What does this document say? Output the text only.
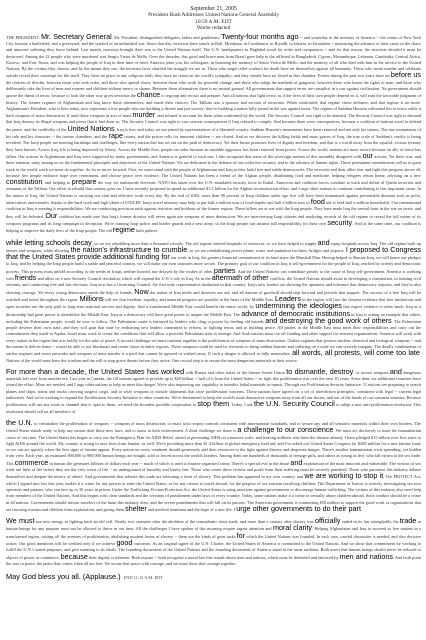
September 21, 2005
President Bush Addresses United Nations General Assembly
10:59 A.M. EDT
Words redacted

THE PRESIDENT: Mr. Secretary General, Mr. President, distinguished delegates, ladies and gentlemen: Twenty-four months ago -- and yesterday in the memory of America -- the center of New York City became a battlefield, and a graveyard, and the symbol of an unfinished war. Since that day, terrorists have struck in Bali, Mombasa, in Casablanca, in Riyadh, in Jakarta, in Jerusalem -- measuring the advance of their cause in the chaos and innocent suffering they leave behind. Last month, terrorists brought their war to the United Nations itself. The U.N. headquarters in Baghdad stood for order and compassion -- and for that reason, the terrorists decided it must be destroyed. Among the 22 people who were murdered was Sergio Vieira de Mello. Over the decades, this good and brave man from Brazil gave help to the afflicted in Bangladesh, Cyprus, Mozambique, Lebanon, Cambodia, Central Africa, Kosovo, and East Timor, and was helping the people of Iraq in their time of need. America joins you, his colleagues, in honoring the memory of Senor Vieira de Mello, and the memory of all who died with him in the service to the United Nations. By the victims they choose, and by the means they use, the terrorists have clarified the struggle we are in. Those who target relief workers for death have set themselves against all humanity. Those who incite murder and celebrate suicide reveal their contempt for life itself. They have no place in any religious faith; they have no claim on the world's sympathy; and they should have no friend in this chamber. Events during the past two years have set before us the clearest of divides: between those who seek order, and those who spread chaos; between those who work for peaceful change, and those who adopt the methods of gangsters; between those who honor the rights of man, and those who deliberately take the lives of men and women and children without mercy or shame. Between these alternatives there is no neutral ground. All governments that support terror are complicit in a war against civilization. No government should ignore the threat of terror, because to look the other way gives terrorists the chance to regroup and recruit and prepare. And all nations that fight terror, as if the lives of their own people depend on it, will earn the favorable judgment of history. The former regimes of Afghanistan and Iraq knew these alternatives, and made their choices. The Taliban was a sponsor and servant of terrorism. When confronted, that regime chose defiance, and that regime is no more. Afghanistan's President, who is here today, now represents a free people who are building a decent and just society; they're building a nation fully joined in the war against terror. The regime of Saddam Hussein cultivated ties to terror while it built weapons of mass destruction. It used those weapons in acts of mass murder, and refused to account for them when confronted by the world. The Security Council was right to be alarmed. The Security Council was right to demand that Iraq destroy its illegal weapons and prove that it had done so. The Security Council was right to vow serious consequences if Iraq refused to comply. And because there were consequences, because a coalition of nations acted to defend the peace, and the credibility of the United Nations, Iraq is free, and today we are joined by representatives of a liberated country. Saddam Hussein's monuments have been removed and not only his statues. The true monuments of his rule and his character -- the torture chambers, and the rape rooms, and the prison cells for innocent children -- are closed. And as we discover the killing fields and mass graves of Iraq, the true scale of Saddam's cruelty is being revealed. The Iraqi people are meeting hardships and challenges, like every nation that has set out on the path of democracy. Yet their future promises lives of dignity and freedom, and that is a world away from the squalid, vicious tyranny they have known. Across Iraq, life is being improved by liberty. Across the Middle East, people are safer because an unstable aggressor has been removed from power. Across the world, nations are more secure because an ally of terror has fallen. Our actions in Afghanistan and Iraq were supported by many governments, and America is grateful to each one. I also recognize that some of the sovereign nations of this assembly disagreed with our actions. Yet there was, and there remains, unity among us on the fundamental principles and objectives of the United Nations. We are dedicated to the defense of our collective security, and to the advance of human rights. These permanent commitments call us to great work in the world, work we must do together. So let us move forward. First, we must stand with the people of Afghanistan and Iraq as they build free and stable democracies. The terrorists and their allies fear and fight this progress above all, because free people embrace hope over resentment, and choose peace over violence. The United Nations has been a friend of the Afghan people, distributing food and medicine, helping refugees return home, advising on a new constitution, and helping to prepare the way for nationwide elections. NATO has taken over the U.N.-mandated security force in Kabul. American and coalition forces continue to track and defeat al Qaeda terrorists and remnants of the Taliban. Our effort to rebuild that country goes on. I have recently proposed to spend an additional $1.2 billion for the Afghan reconstruction effort, and I urge other nations to continue contributing to this important cause. In the nation of Iraq, the United Nations is carrying out vital and effective work every day. By the end of 2004, more than 90 percent of Iraqi children under age five will have been immunized against preventable diseases such as polio, tuberculosis and measles, thanks to the hard work and high ideals of UNICEF. Iraq's travel ministry may help to put half a million tons of food-staples and half a billion tons of food aid to feed half a million households. Our international coalition in Iraq is meeting it responsibilities. We are conducting precision raids against terrorists and holdouts of the former regime. These killers are at war with the Iraqi people. They have made Iraq the central front in the war on terror, and they will be defeated. Our coalition has made sure that Iraq's former dictator will never again use weapons of mass destruction. We are interviewing Iraqi citizens and analyzing records of the old regime to reveal the full extent of its weapons programs and its long campaign of deception. We're training Iraqi police and border guards and a new army, so the Iraqi people can assume full responsibility for their own security. And at the same time, our coalition is helping to improve the daily lives of the Iraqi people. The old regime built palaces

while letting schools decay, so we are rebuilding more than a thousand schools. The old regime starved hospitals of resources, so we have helped to supply and equip hospitals across Iraq. The old regime built up armies and weapons, while allowing the nation's infrastructure to crumble, so we are rehabilitating power plants, water and sanitation facilities, bridges and airports. I proposed to Congress that the United States provide additional funding for our work in Iraq, the greatest financial commitment of its kind since the Marshall Plan. Having helped to liberate Iraq, we will honor our pledges to Iraq, and by helping the Iraqi people build a stable and peaceful country, we will make our own countries more secure. The primary goal of our coalition in Iraq is self-government for the people of Iraq, reached by orderly and democratic process. This process must unfold according to the needs of Iraqis, neither hurried, nor delayed by the wishes of other parties. And the United Nations can contribute greatly to the cause of Iraqi self-government. America is working with friends and allies on a new Security Council resolution, which will expand the U.N.'s role in Iraq. As in the aftermath of other conflicts, the United Nations should assist in developing a constitution, in training civil servants, and conducting free and fair elections. Iraq now has a Governing Council, the first truly representative institution in that country. Iraq's new leaders are showing the openness and tolerance that democracy requires, and they're also showing courage. Yet every young democracy needs the help of friends. Now the nation of Iraq needs and deserves our aid, and all nations of goodwill should step forward and provide that support. The success of a free Iraq will be watched and noted throughout the region. Millions will see that freedom, equality, and material progress are possible at the heart of the Middle East. Leaders in the region will face the clearest evidence that free institutions and open societies are the only path to long-term national success and dignity. And a transformed Middle East would benefit the entire world, by undermining the ideologies that export violence to other lands. Iraq as a dictatorship had great power to destabilize the Middle East; Iraq as a democracy will have great power to inspire the Middle East. The advance of democratic institutions in Iraq is setting an example that others, including the Palestinian people, would be wise to follow. The Palestinian cause is betrayed by leaders who cling to power by feeding old hatreds and destroying the good work of others. The Palestinian people deserve their own state, and they will gain that state by embracing new leaders committed to reform, to fighting terror, and to building peace. All parties in the Middle East must meet their responsibilities and carry out the commitments they made at Aqaba. Israel must work to create the conditions that will allow a peaceful Palestinian state to emerge. And Arab nations must cut off funding and other support for terrorist organizations. America will work with every nation in the region that acts boldly for the sake of peace. A second challenge we must confront together is the proliferation of weapons of mass destruction. Outlaw regimes that possess nuclear, chemical and biological weapons -- and the means to deliver them -- would be able to use blackmail and create chaos in entire regions. These weapons could be used by terrorists to bring sudden disaster and suffering on a scale we can scarcely imagine. The deadly combination of outlaw regimes and terror networks and weapons of mass murder is a peril that cannot be ignored or wished away. If such a danger is allowed to fully materialize, all words, all protests, will come too late. Nations of the world must have the wisdom and the will to stop grave threats before they arrive. One crucial step is to secure the most dangerous materials at their source.

For more than a decade, the United States has worked with Russia and other states of the former Soviet Union to dismantle, destroy, or secure weapons and dangerous materials left over from another era. Last year in Canada, the G8 nations agreed to provide up to $20 billion -- half of it from the United States -- to fight this proliferation risk over the next 10 years. Since then, six additional countries have joined the effort. More are needed, and I urge other nations to help us meet this danger. We're also improving our capability to interdict lethal materials in transit. Through our Proliferation Security Initiative, 11 nations are preparing to search planes and ships, trains and trucks carrying suspect cargo, and to seize weapons or missile shipments that raise proliferation concerns. These nations have agreed on a set of interdiction principles, consistent with legal -- current legal authorities. And we're working to expand the Proliferation Security Initiative to other countries. We're determined to keep the world's most destructive weapons away from all our shores, and out of the hands of our common enemies. Because proliferators will use any route or channel that is open to them, we need the broadest possible cooperation to stop them. Today, I ask the U.N. Security Council to adopt a new anti-proliferation resolution. This resolution should call on all members of

the U.N. to criminalize the proliferation of weapons -- weapons of mass destruction, to enact strict export controls consistent with international standards, and to secure any and all sensitive materials within their own borders. The United States stands ready to help any nation draft these new laws, and to assist in their enforcement. A third challenge we share is a challenge to our conscience. We must act decisively to meet the humanitarian crises of our time. The United States has begun to carry out the Emergency Plan for AIDS Relief, aimed at preventing AIDS on a massive scale, and treating millions who have the disease already. I have pledged $15 billion over five years to fight AIDS around the world. My country is acting to save lives from famine, as well. We're providing more than $1.4 billion in global emergency food aid, and I've asked our United States Congress for $200 million for a new famine fund, so we can act quickly when the first signs of famine appear. Every nation on every continent should generously add their resources to the fight against disease and desperate hunger. There's another humanitarian crisis spreading, yet hidden from view. Each year, an estimated 800,000 to 900,000 human beings are bought, sold or forced across the world's borders. Among them are hundreds of thousands of teenage girls, and others as young as five, who fall victim to the sex trade. This commerce in human life generates billions of dollars each year -- much of which is used to finance organized crime. There's a special evil in the abuse and exploitation of the most innocent and vulnerable. The victims of sex trade see little of life before they see the very worst of life -- an underground of brutality and lonely fear. Those who create these victims and profit from their suffering must be severely punished. Those who patronize this industry debase themselves and deepen the misery of others. And governments that tolerate this trade are tolerating a form of slavery. This problem has appeared in my own country, and we are working to stop it. The PROTECT Act, which I signed into law this year, makes it a crime for any person to enter the United States, or for any citizen to travel abroad, for the purpose of sex tourism involving children. The Department of Justice is actively investigating sex tour operators and patrons, who can face up to 30 years in prison. Under the Trafficking Victims Protection Act, the United States is using sanctions against governments to discourage human trafficking. The victims of this industry also need help from members of the United Nations. And this begins with clear standards and the certainty of punishment under laws of every country. Today, some nations make it a crime to sexually abuse children abroad. Such conduct should be a crime in all nations. Governments should inform travelers of the harm this industry does, and the severe punishments that will fall on its patrons. The American government is committing $50 million to support the good work of organizations that are rescuing women and children from exploitation, and giving them shelter and medical treatment and the hope of a new life. I urge other governments to do their part.

We must use new energy in fighting back an old evil. Nearly two centuries after the abolition of the transatlantic slave trade, and more than a century after slavery was officially ended in its last strongholds, the trade in human beings for any purpose must not be allowed to thrive in our time. All the challenges I have spoken of this morning require urgent attention and moral clarity. Helping Afghanistan and Iraq to succeed as free nations in a transformed region, cutting off the avenues of proliferation, abolishing modern forms of slavery -- these are the kinds of great tasks for which the United Nations was founded. In each case, careful discussion is needed, and also decisive action. Our good intentions will be credited only if we achieve good outcomes. As an original signer of the U.N. Charter, the United States of America is committed to the United Nations. And we show that commitment by working to fulfill the U.N.'s stated purposes, and give meaning to its ideals. The founding documents of the United Nations and the founding documents of America stand in the same tradition. Both assert that human beings should never be reduced to objects of power or commerce, because their dignity is inherent. Both require -- both recognize a moral law that stands above men and nations, which must be defended and enforced by men and nations. And both point the way to peace, the peace that comes when all are free. We secure that peace with courage, and we must show that courage together.

May God bless you all. (Applause.) END 11:15 A.M. EDT
